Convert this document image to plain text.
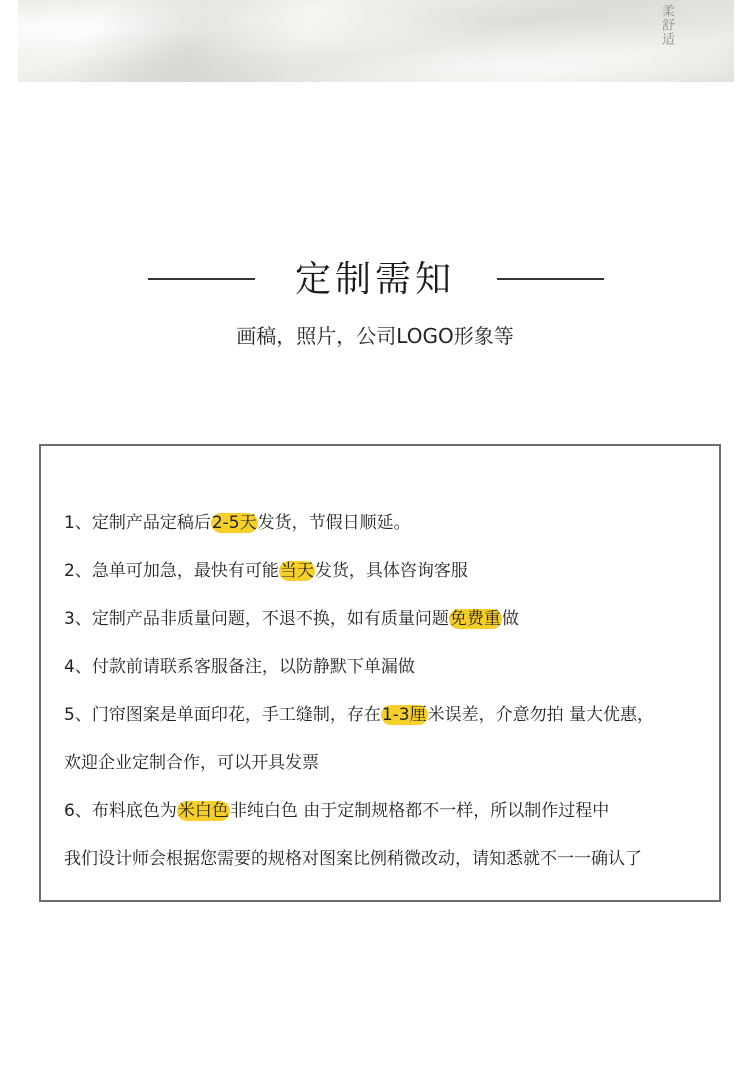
柔舒适
定制需知
画稿，照片，公司LOGO形象等
1、定制产品定稿后2-5天发货，节假日顺延。
2、急单可加急，最快有可能当天发货，具体咨询客服
3、定制产品非质量问题，不退不换，如有质量问题免费重做
4、付款前请联系客服备注，以防静默下单漏做
5、门帘图案是单面印花，手工缝制，存在1-3厘米误差，介意勿拍 量大优惠，
欢迎企业定制合作，可以开具发票
6、布料底色为米白色非纯白色 由于定制规格都不一样，所以制作过程中
我们设计师会根据您需要的规格对图案比例稍微改动，请知悉就不一一确认了
